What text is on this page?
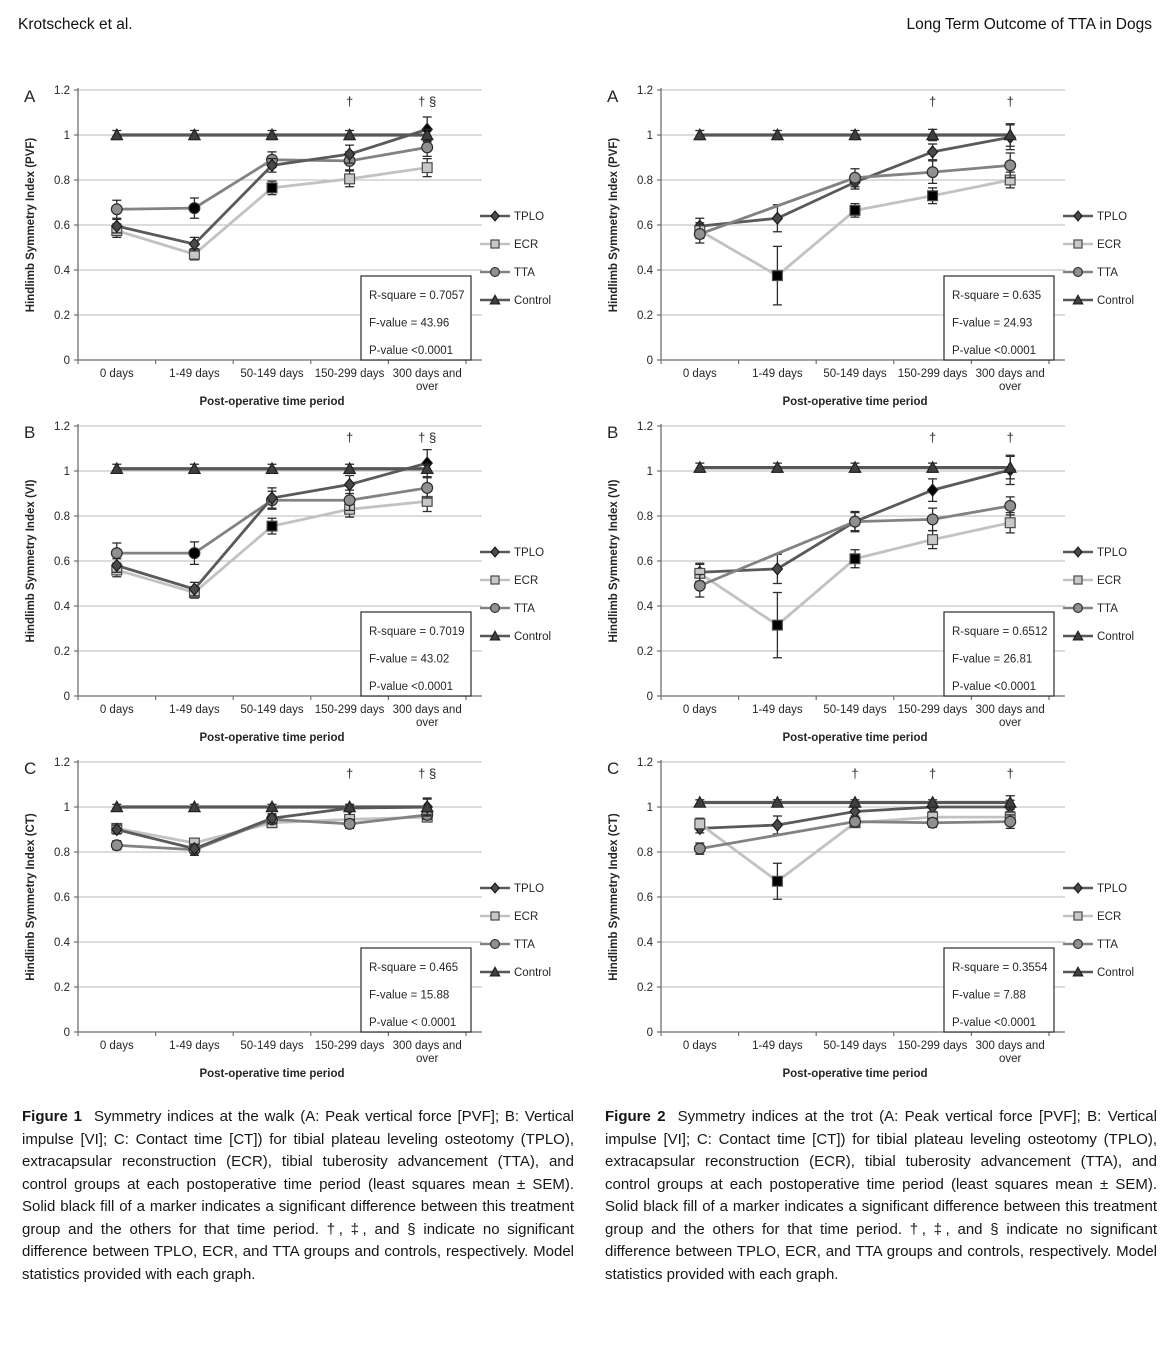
Krotscheck et al.	Long Term Outcome of TTA in Dogs
0
0.2
0.4
0.6
0.8
1
1.2
0 days	1-49 days 50-149 days 150-299 days 300 days and over
Post-operative time period
Hindlimb Symmetry Index (PVF)
A	†	† §
R-square = 0.7057
F-value = 43.96
P-value <0.0001
TPLO
ECR
TTA
Control
0
0.2
0.4
0.6
0.8
1
1.2
0 days	1-49 days 50-149 days 150-299 days 300 days and over
Post-operative time period
Hindlimb Symmetry Index (VI)
B	†	† §
R-square = 0.7019
F-value = 43.02
P-value <0.0001
TPLO
ECR
TTA
Control
0
0.2
0.4
0.6
0.8
1
1.2
0 days	1-49 days 50-149 days 150-299 days 300 days and over
Post-operative time period
Hindlimb Symmetry Index (CT)
C	†	† §
R-square = 0.465
F-value = 15.88
P-value < 0.0001
TPLO
ECR
TTA
Control

Figure 1 Symmetry indices at the walk (A: Peak vertical force [PVF]; B: Vertical impulse [VI]; C: Contact time [CT]) for tibial plateau leveling osteotomy (TPLO), extracapsular reconstruction (ECR), tibial tuberosity advancement (TTA), and control groups at each postoperative time period (least squares mean ± SEM). Solid black fill of a marker indicates a significant difference between this treatment group and the others for that time period. †, ‡, and § indicate no significant difference between TPLO, ECR, and TTA groups and controls, respectively. Model statistics provided with each graph.

0
0.2
0.4
0.6
0.8
1
1.2
0 days	1-49 days 50-149 days 150-299 days 300 days and over
Post-operative time period
Hindlimb Symmetry Index (PVF)
A	†	†
R-square = 0.635
F-value = 24.93
P-value <0.0001
TPLO
ECR
TTA
Control
0
0.2
0.4
0.6
0.8
1
1.2
0 days	1-49 days 50-149 days 150-299 days 300 days and over
Post-operative time period
Hindlimb Symmetry Index (VI)
B	†	†
R-square = 0.6512
F-value = 26.81
P-value <0.0001
TPLO
ECR
TTA
Control
0
0.2
0.4
0.6
0.8
1
1.2
0 days	1-49 days 50-149 days 150-299 days 300 days and over
Post-operative time period
Hindlimb Symmetry Index (CT)
C	†	†	†
R-square = 0.3554
F-value = 7.88
P-value <0.0001
TPLO
ECR
TTA
Control

Figure 2 Symmetry indices at the trot (A: Peak vertical force [PVF]; B: Vertical impulse [VI]; C: Contact time [CT]) for tibial plateau leveling osteotomy (TPLO), extracapsular reconstruction (ECR), tibial tuberosity advancement (TTA), and control groups at each postoperative time period (least squares mean ± SEM). Solid black fill of a marker indicates a significant difference between this treatment group and the others for that time period. †, ‡, and § indicate no significant difference between TPLO, ECR, and TTA groups and controls, respectively. Model statistics provided with each graph.
